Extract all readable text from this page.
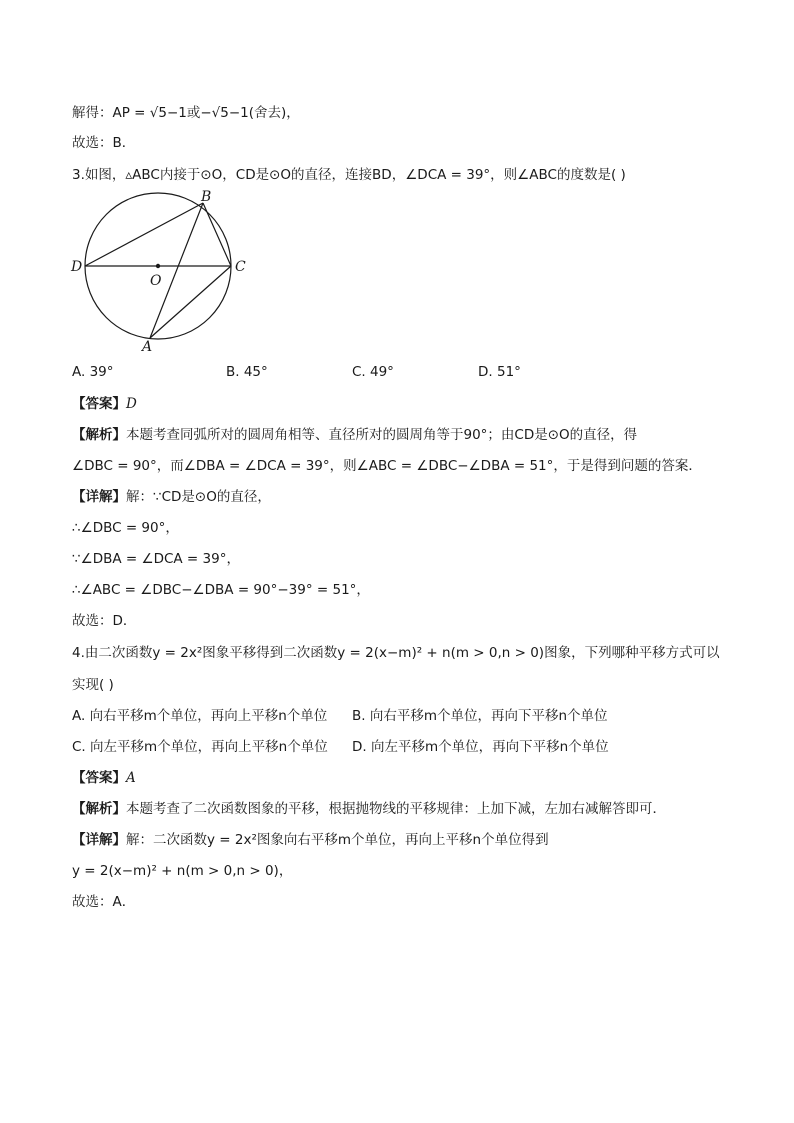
解得：AP = √5−1或−√5−1(舍去)，
故选：B．
3.如图，▵ABC内接于⊙O，CD是⊙O的直径，连接BD，∠DCA = 39°，则∠ABC的度数是( )
B
D
O
C
A
A. 39°	B. 45°	C. 49°	D. 51°
【答案】D
【解析】本题考查同弧所对的圆周角相等、直径所对的圆周角等于90°；由CD是⊙O的直径，得
∠DBC = 90°，而∠DBA = ∠DCA = 39°，则∠ABC = ∠DBC−∠DBA = 51°，于是得到问题的答案．
【详解】解：∵CD是⊙O的直径，
∴∠DBC = 90°，
∵∠DBA = ∠DCA = 39°，
∴∠ABC = ∠DBC−∠DBA = 90°−39° = 51°，
故选：D．
4.由二次函数y = 2x²图象平移得到二次函数y = 2(x−m)² + n(m > 0,n > 0)图象，下列哪种平移方式可以
实现( )
A. 向右平移m个单位，再向上平移n个单位 B. 向右平移m个单位，再向下平移n个单位
C. 向左平移m个单位，再向上平移n个单位 D. 向左平移m个单位，再向下平移n个单位
【答案】A
【解析】本题考查了二次函数图象的平移，根据抛物线的平移规律：上加下减，左加右减解答即可．
【详解】解：二次函数y = 2x²图象向右平移m个单位，再向上平移n个单位得到
y = 2(x−m)² + n(m > 0,n > 0)，
故选：A．
